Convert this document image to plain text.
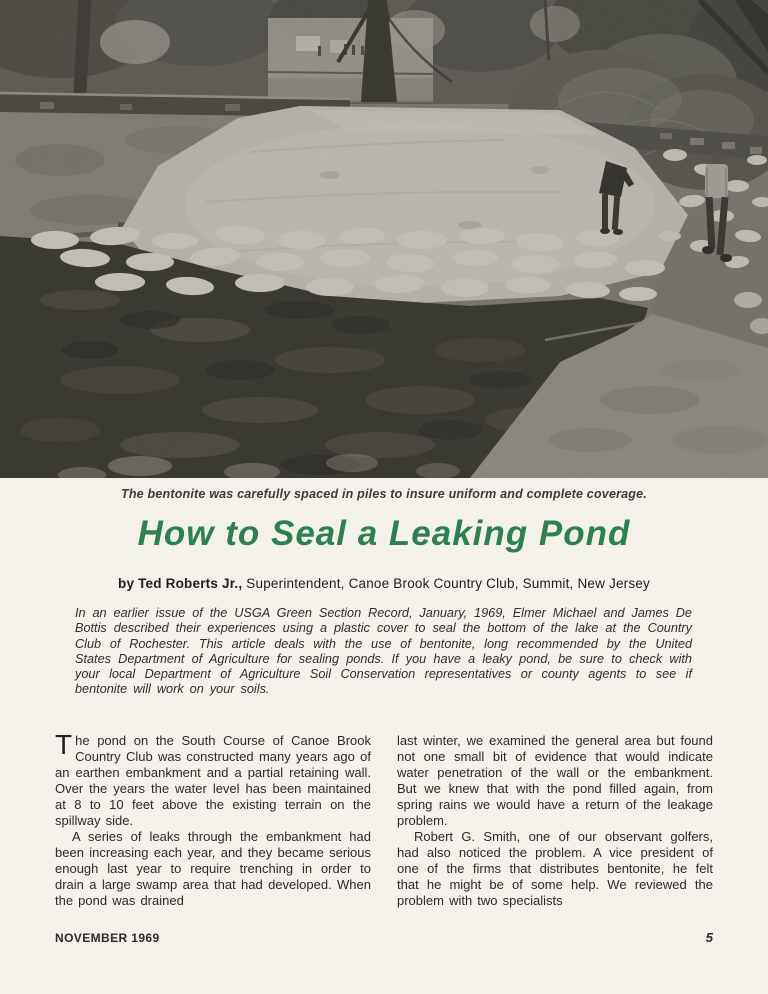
The bentonite was carefully spaced in piles to insure uniform and complete coverage.
How to Seal a Leaking Pond
by Ted Roberts Jr., Superintendent, Canoe Brook Country Club, Summit, New Jersey
In an earlier issue of the USGA Green Section Record, January, 1969, Elmer Michael and James De Bottis described their experiences using a plastic cover to seal the bottom of the lake at the Country Club of Rochester. This article deals with the use of bentonite, long recommended by the United States Department of Agriculture for sealing ponds. If you have a leaky pond, be sure to check with your local Department of Agriculture Soil Conservation representatives or county agents to see if bentonite will work on your soils.

The pond on the South Course of Canoe Brook Country Club was constructed many years ago of an earthen embankment and a partial retaining wall. Over the years the water level has been maintained at 8 to 10 feet above the existing terrain on the spillway side.

A series of leaks through the embankment had been increasing each year, and they became serious enough last year to require trenching in order to drain a large swamp area that had developed. When the pond was drained

last winter, we examined the general area but found not one small bit of evidence that would indicate water penetration of the wall or the embankment. But we knew that with the pond filled again, from spring rains we would have a return of the leakage problem.

Robert G. Smith, one of our observant golfers, had also noticed the problem. A vice president of one of the firms that distributes bentonite, he felt that he might be of some help. We reviewed the problem with two specialists

NOVEMBER 1969	5
